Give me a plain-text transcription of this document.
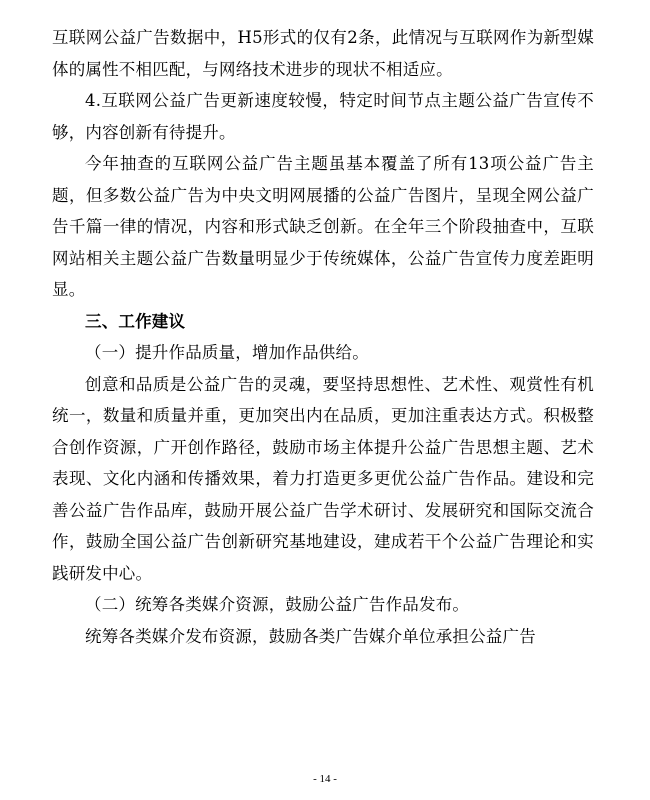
互联网公益广告数据中，H5形式的仅有2条，此情况与互联网作为新型媒体的属性不相匹配，与网络技术进步的现状不相适应。

4.互联网公益广告更新速度较慢，特定时间节点主题公益广告宣传不够，内容创新有待提升。

今年抽查的互联网公益广告主题虽基本覆盖了所有13项公益广告主题，但多数公益广告为中央文明网展播的公益广告图片，呈现全网公益广告千篇一律的情况，内容和形式缺乏创新。在全年三个阶段抽查中，互联网站相关主题公益广告数量明显少于传统媒体，公益广告宣传力度差距明显。

三、工作建议

（一）提升作品质量，增加作品供给。

创意和品质是公益广告的灵魂，要坚持思想性、艺术性、观赏性有机统一，数量和质量并重，更加突出内在品质，更加注重表达方式。积极整合创作资源，广开创作路径，鼓励市场主体提升公益广告思想主题、艺术表现、文化内涵和传播效果，着力打造更多更优公益广告作品。建设和完善公益广告作品库，鼓励开展公益广告学术研讨、发展研究和国际交流合作，鼓励全国公益广告创新研究基地建设，建成若干个公益广告理论和实践研发中心。

（二）统筹各类媒介资源，鼓励公益广告作品发布。

统筹各类媒介发布资源，鼓励各类广告媒介单位承担公益广告

- 14 -
